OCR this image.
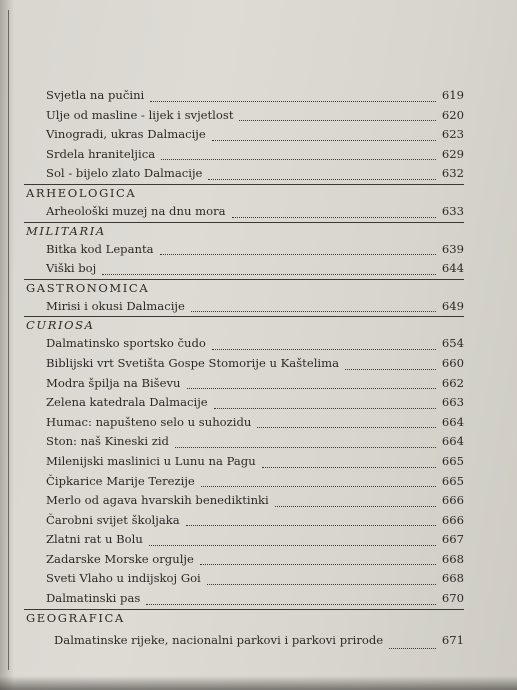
Svjetla na pučini	619
Ulje od masline - lijek i svjetlost	620
Vinogradi, ukras Dalmacije	623
Srdela hraniteljica	629
Sol - bijelo zlato Dalmacije	632
ARHEOLOGICA
Arheološki muzej na dnu mora	633
MILITARIA
Bitka kod Lepanta	639
Viški boj	644
GASTRONOMICA
Mirisi i okusi Dalmacije	649
CURIOSA
Dalmatinsko sportsko čudo	654
Biblijski vrt Svetišta Gospe Stomorije u Kaštelima	660
Modra špilja na Biševu	662
Zelena katedrala Dalmacije	663
Humac: napušteno selo u suhozidu	664
Ston: naš Kineski zid	664
Milenijski maslinici u Lunu na Pagu	665
Čipkarice Marije Terezije	665
Merlo od agava hvarskih benediktinki	666
Čarobni svijet školjaka	666
Zlatni rat u Bolu	667
Zadarske Morske orgulje	668
Sveti Vlaho u indijskoj Goi	668
Dalmatinski pas	670
GEOGRAFICA
Dalmatinske rijeke, nacionalni parkovi i parkovi prirode	671
